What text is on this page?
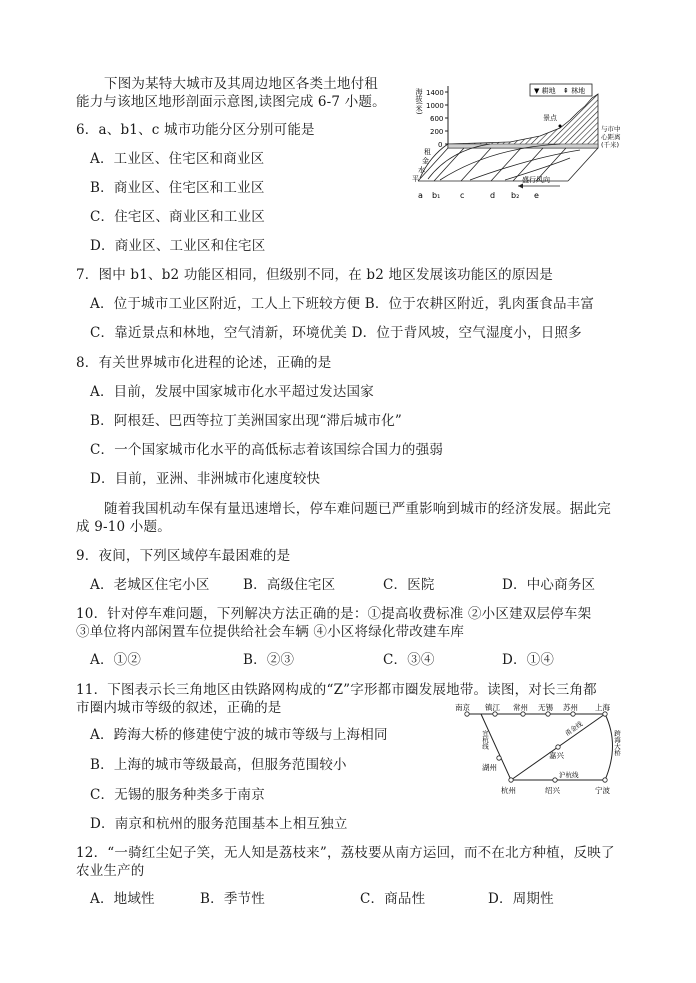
下图为某特大城市及其周边地区各类土地付租
能力与该地区地形剖面示意图,读图完成 6-7 小题。
6．a、b1、c 城市功能分区分别可能是
A．工业区、住宅区和商业区
B．商业区、住宅区和工业区
C．住宅区、商业区和工业区
D．商业区、工业区和住宅区
7．图中 b1、b2 功能区相同，但级别不同，在 b2 地区发展该功能区的原因是
A．位于城市工业区附近，工人上下班较方便 B．位于农耕区附近，乳肉蛋食品丰富
C．靠近景点和林地，空气清新，环境优美 D．位于背风坡，空气湿度小，日照多
8．有关世界城市化进程的论述，正确的是
A．目前，发展中国家城市化水平超过发达国家
B．阿根廷、巴西等拉丁美洲国家出现“滞后城市化”
C．一个国家城市化水平的高低标志着该国综合国力的强弱
D．目前，亚洲、非洲城市化速度较快
随着我国机动车保有量迅速增长，停车难问题已严重影响到城市的经济发展。据此完
成 9-10 小题。
9．夜间，下列区域停车最困难的是
A．老城区住宅小区 B．高级住宅区	C．医院	D．中心商务区
10．针对停车难问题，下列解决方法正确的是：①提高收费标准 ②小区建双层停车架
③单位将内部闲置车位提供给社会车辆 ④小区将绿化带改建车库
A．①②	B．②③	C．③④	D．①④
11．下图表示长三角地区由铁路网构成的“Z”字形都市圈发展地带。读图，对长三角都
市圈内城市等级的叙述，正确的是
A．跨海大桥的修建使宁波的城市等级与上海相同
B．上海的城市等级最高，但服务范围较小
C．无锡的服务种类多于南京
D．南京和杭州的服务范围基本上相互独立
12．“一骑红尘妃子笑，无人知是荔枝来”，荔枝要从南方运回，而不在北方种植，反映了
农业生产的
A．地域性	B．季节性	C．商品性	D．周期性
海拔(米) 1400
1000
600
200
0
▼ 耕地 ⇞ 林地
景点
与市中
心距离
(千米)
租
金
水
平	盛行风向
a b₁ c	d b₂ e
南京 镇江 常州 无锡 苏州 上海
湖州
嘉兴
杭州	绍兴	宁波
宣杭线
沪杭线
跨海大桥
甬金线
